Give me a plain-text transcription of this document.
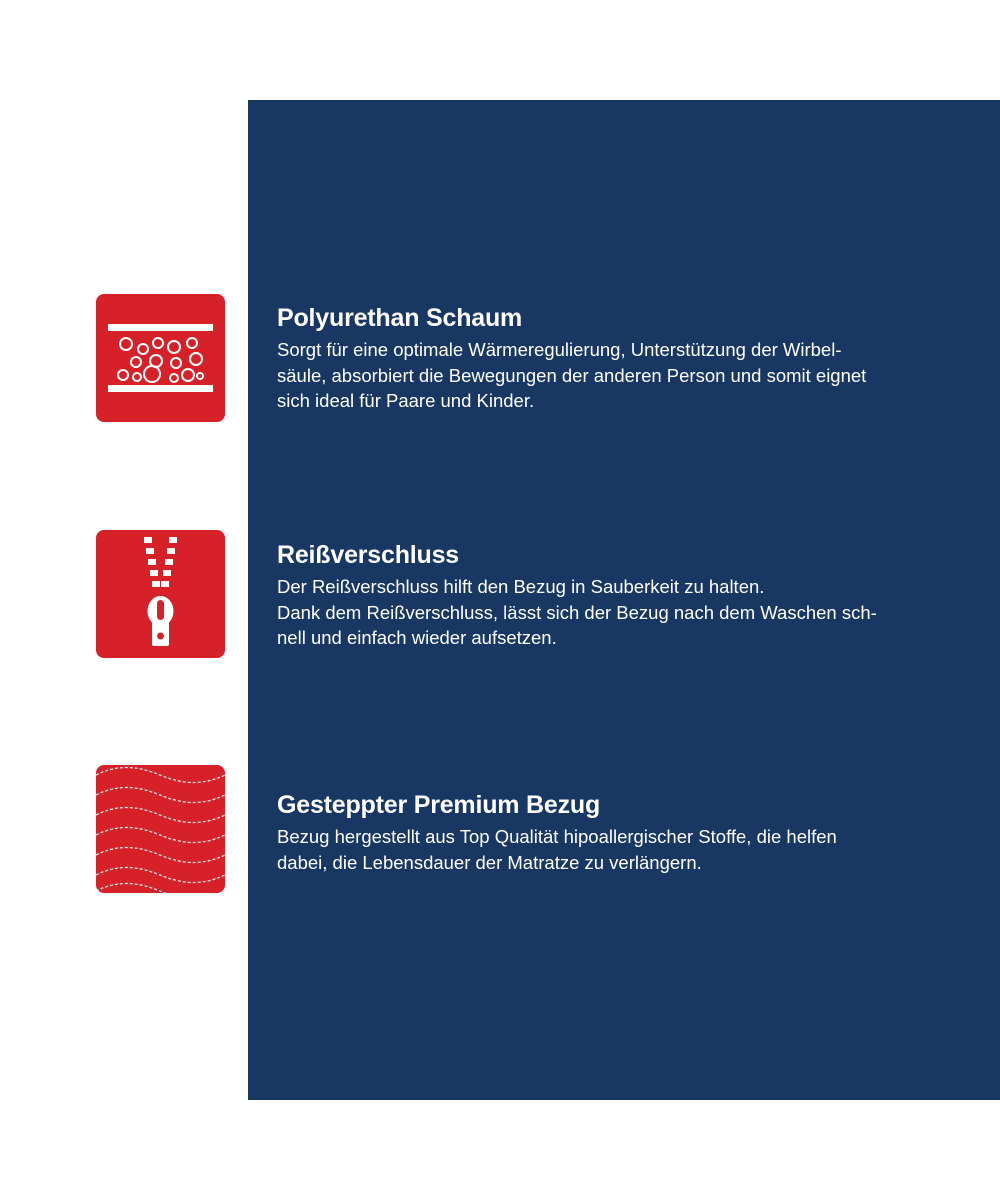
Polyurethan Schaum

Sorgt für eine optimale Wärmeregulierung, Unterstützung der Wirbel-
säule, absorbiert die Bewegungen der anderen Person und somit eignet
sich ideal für Paare und Kinder.

Reißverschluss

Der Reißverschluss hilft den Bezug in Sauberkeit zu halten.
Dank dem Reißverschluss, lässt sich der Bezug nach dem Waschen sch-
nell und einfach wieder aufsetzen.

Gesteppter Premium Bezug

Bezug hergestellt aus Top Qualität hipoallergischer Stoffe, die helfen
dabei, die Lebensdauer der Matratze zu verlängern.
